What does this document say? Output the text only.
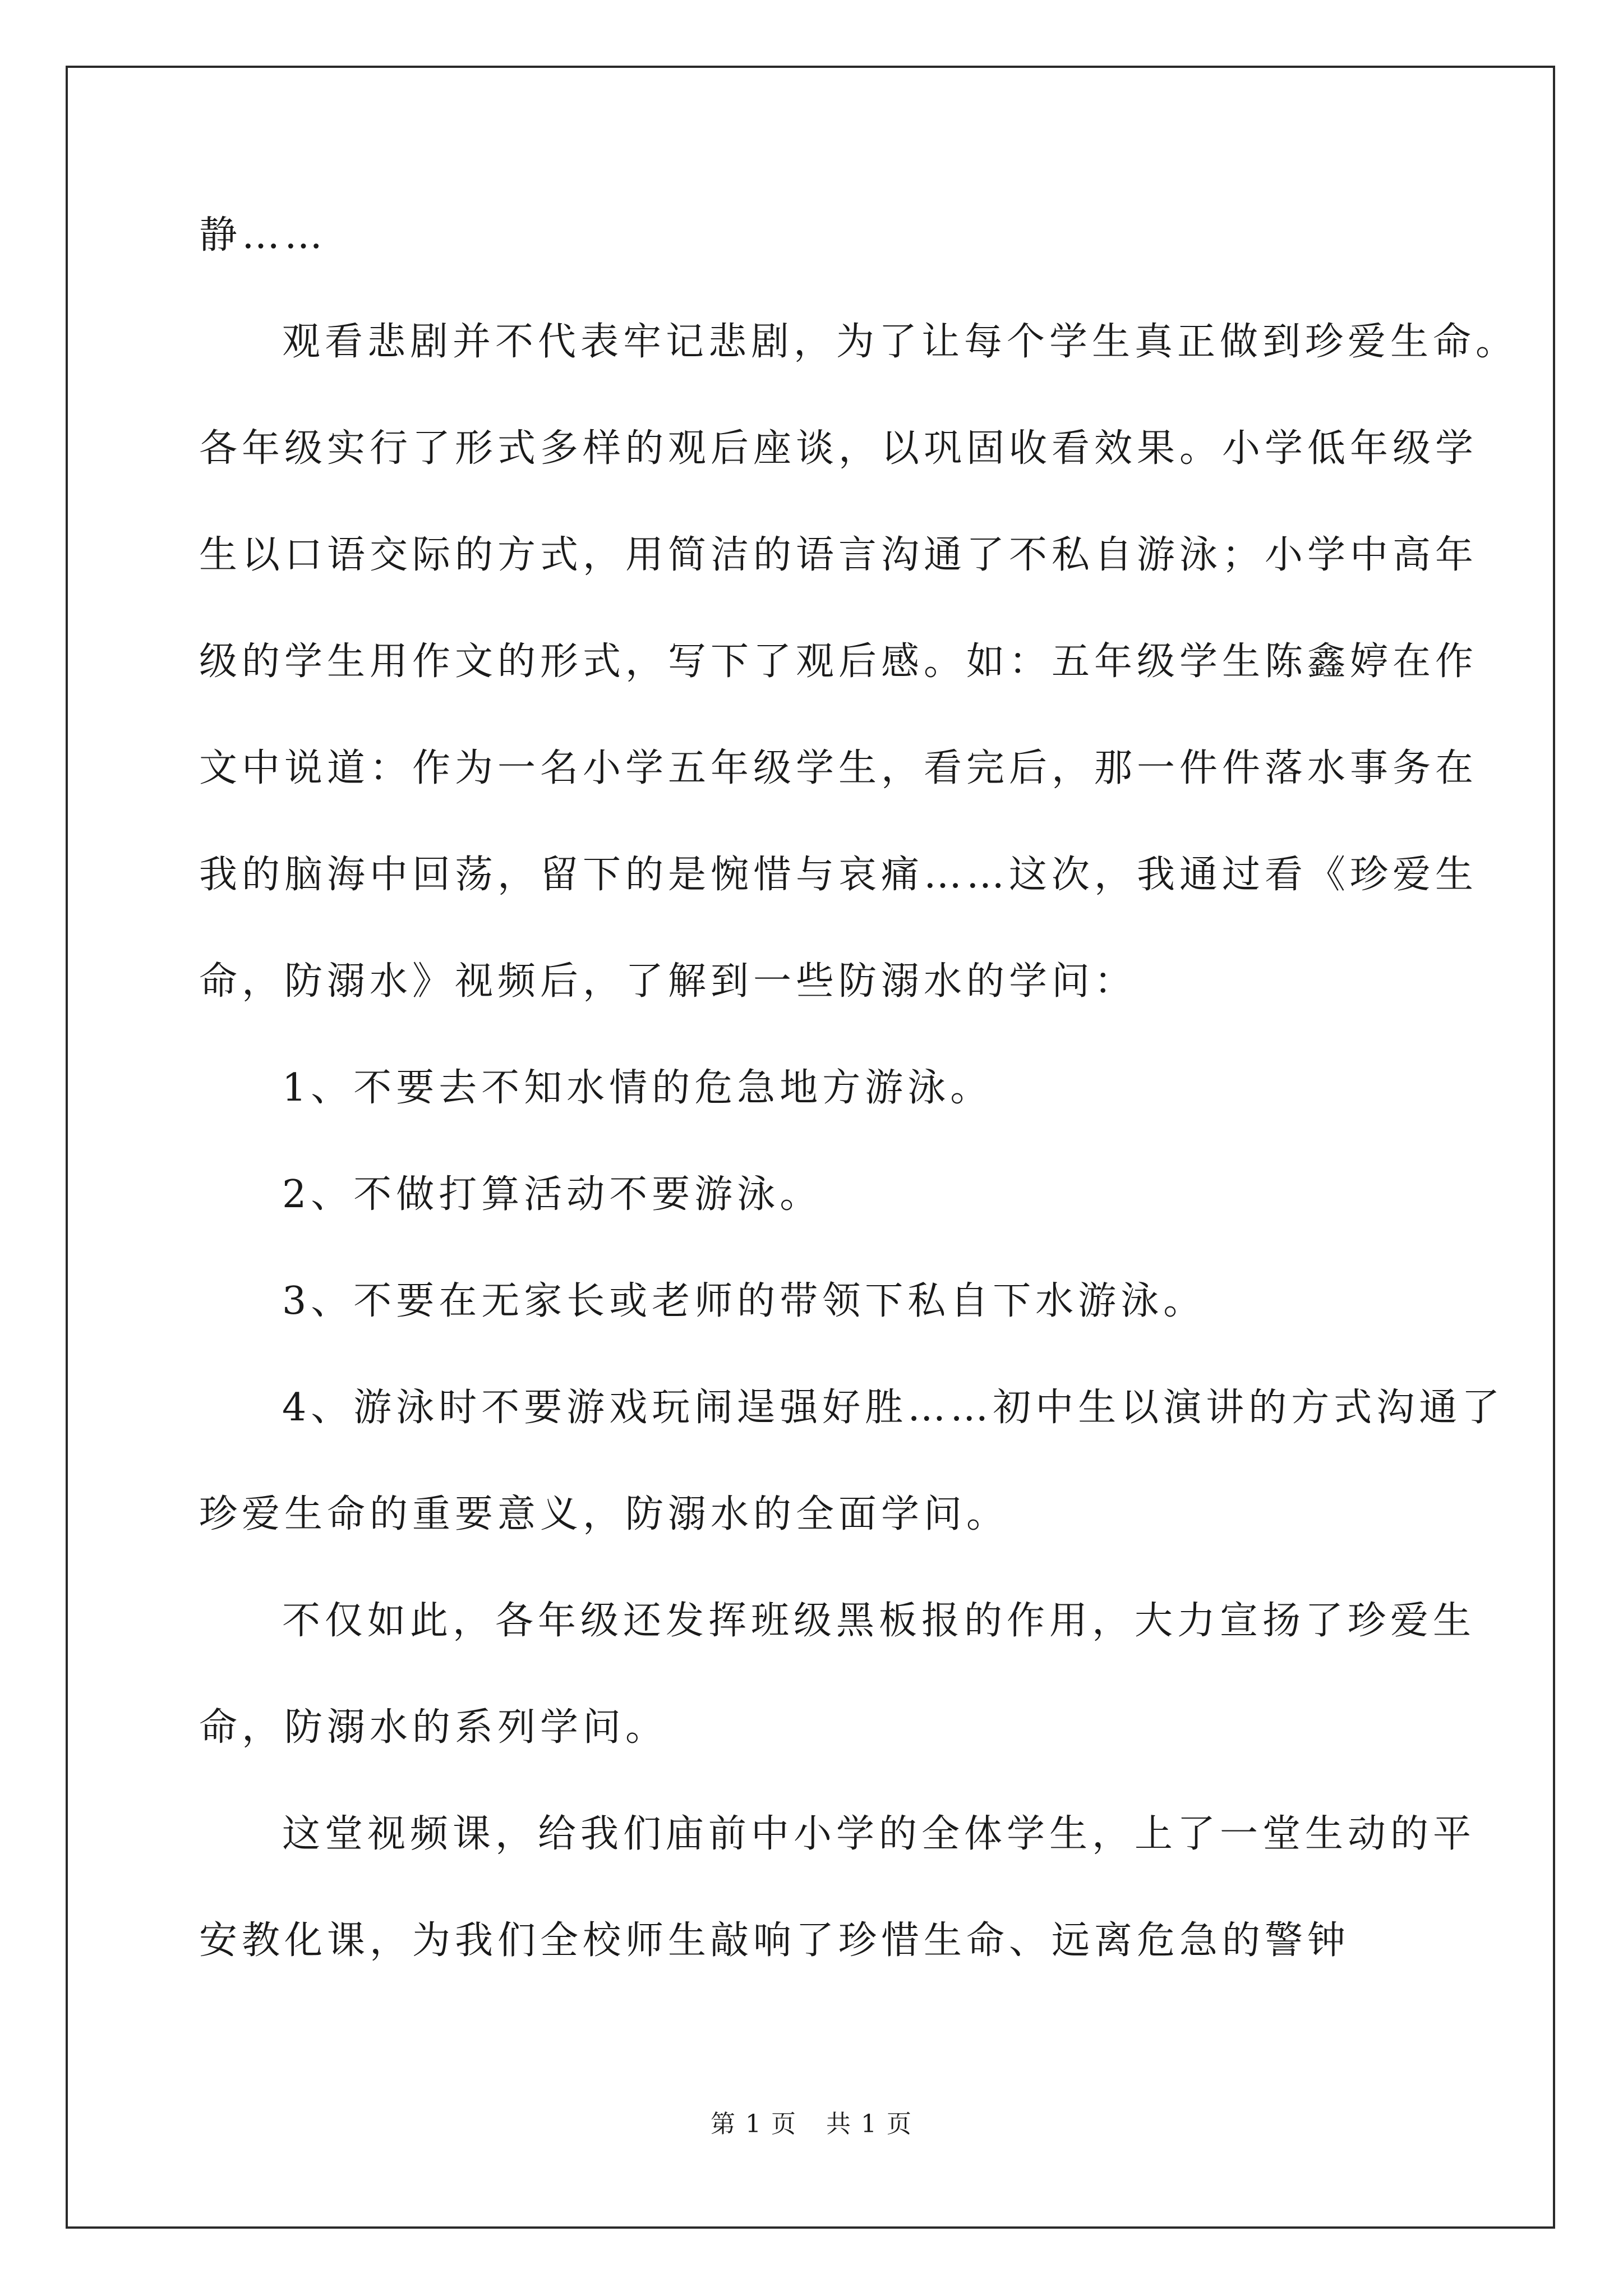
静……
观看悲剧并不代表牢记悲剧，为了让每个学生真正做到珍爱生命。
各年级实行了形式多样的观后座谈，以巩固收看效果。小学低年级学
生以口语交际的方式，用简洁的语言沟通了不私自游泳；小学中高年
级的学生用作文的形式，写下了观后感。如：五年级学生陈鑫婷在作
文中说道：作为一名小学五年级学生，看完后，那一件件落水事务在
我的脑海中回荡，留下的是惋惜与哀痛……这次，我通过看《珍爱生
命，防溺水》视频后，了解到一些防溺水的学问：
1、不要去不知水情的危急地方游泳。
2、不做打算活动不要游泳。
3、不要在无家长或老师的带领下私自下水游泳。
4、游泳时不要游戏玩闹逞强好胜……初中生以演讲的方式沟通了
珍爱生命的重要意义，防溺水的全面学问。
不仅如此，各年级还发挥班级黑板报的作用，大力宣扬了珍爱生
命，防溺水的系列学问。
这堂视频课，给我们庙前中小学的全体学生，上了一堂生动的平
安教化课，为我们全校师生敲响了珍惜生命、远离危急的警钟
第 1 页 共 1 页
